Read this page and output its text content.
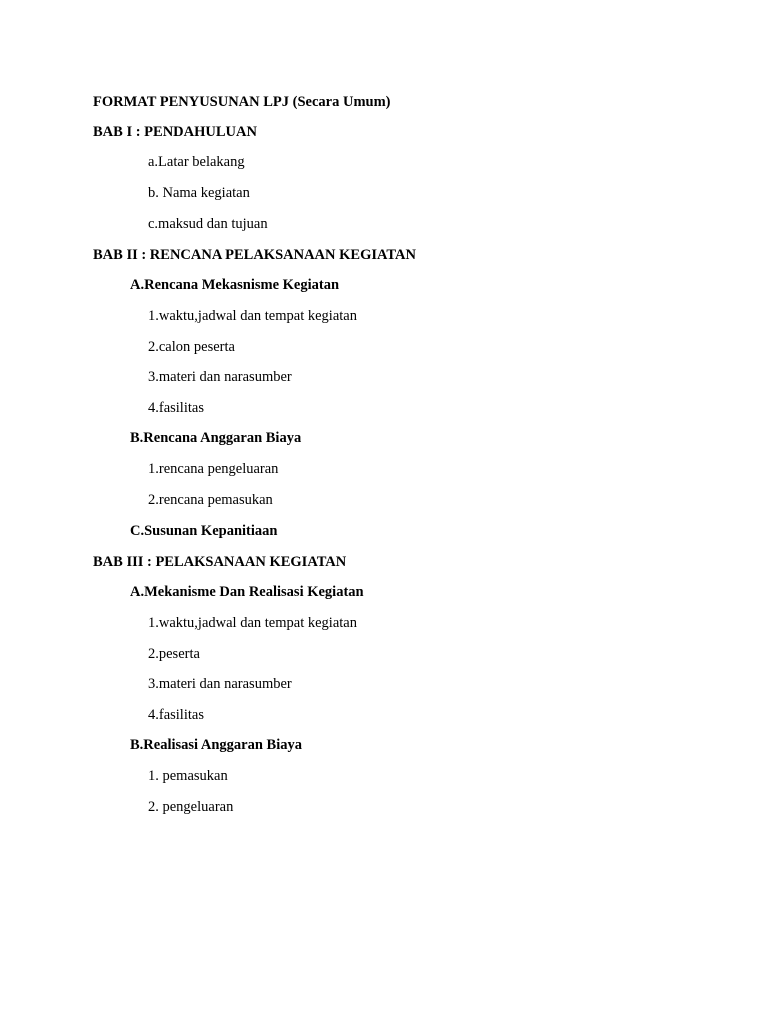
FORMAT PENYUSUNAN LPJ (Secara Umum)
BAB I : PENDAHULUAN
a.Latar belakang
b. Nama kegiatan
c.maksud dan tujuan
BAB II : RENCANA PELAKSANAAN KEGIATAN
A.Rencana Mekasnisme Kegiatan
1.waktu,jadwal dan tempat kegiatan
2.calon peserta
3.materi dan narasumber
4.fasilitas
B.Rencana Anggaran Biaya
1.rencana pengeluaran
2.rencana pemasukan
C.Susunan Kepanitiaan
BAB III : PELAKSANAAN KEGIATAN
A.Mekanisme Dan Realisasi Kegiatan
1.waktu,jadwal dan tempat kegiatan
2.peserta
3.materi dan narasumber
4.fasilitas
B.Realisasi Anggaran Biaya
1. pemasukan
2. pengeluaran
